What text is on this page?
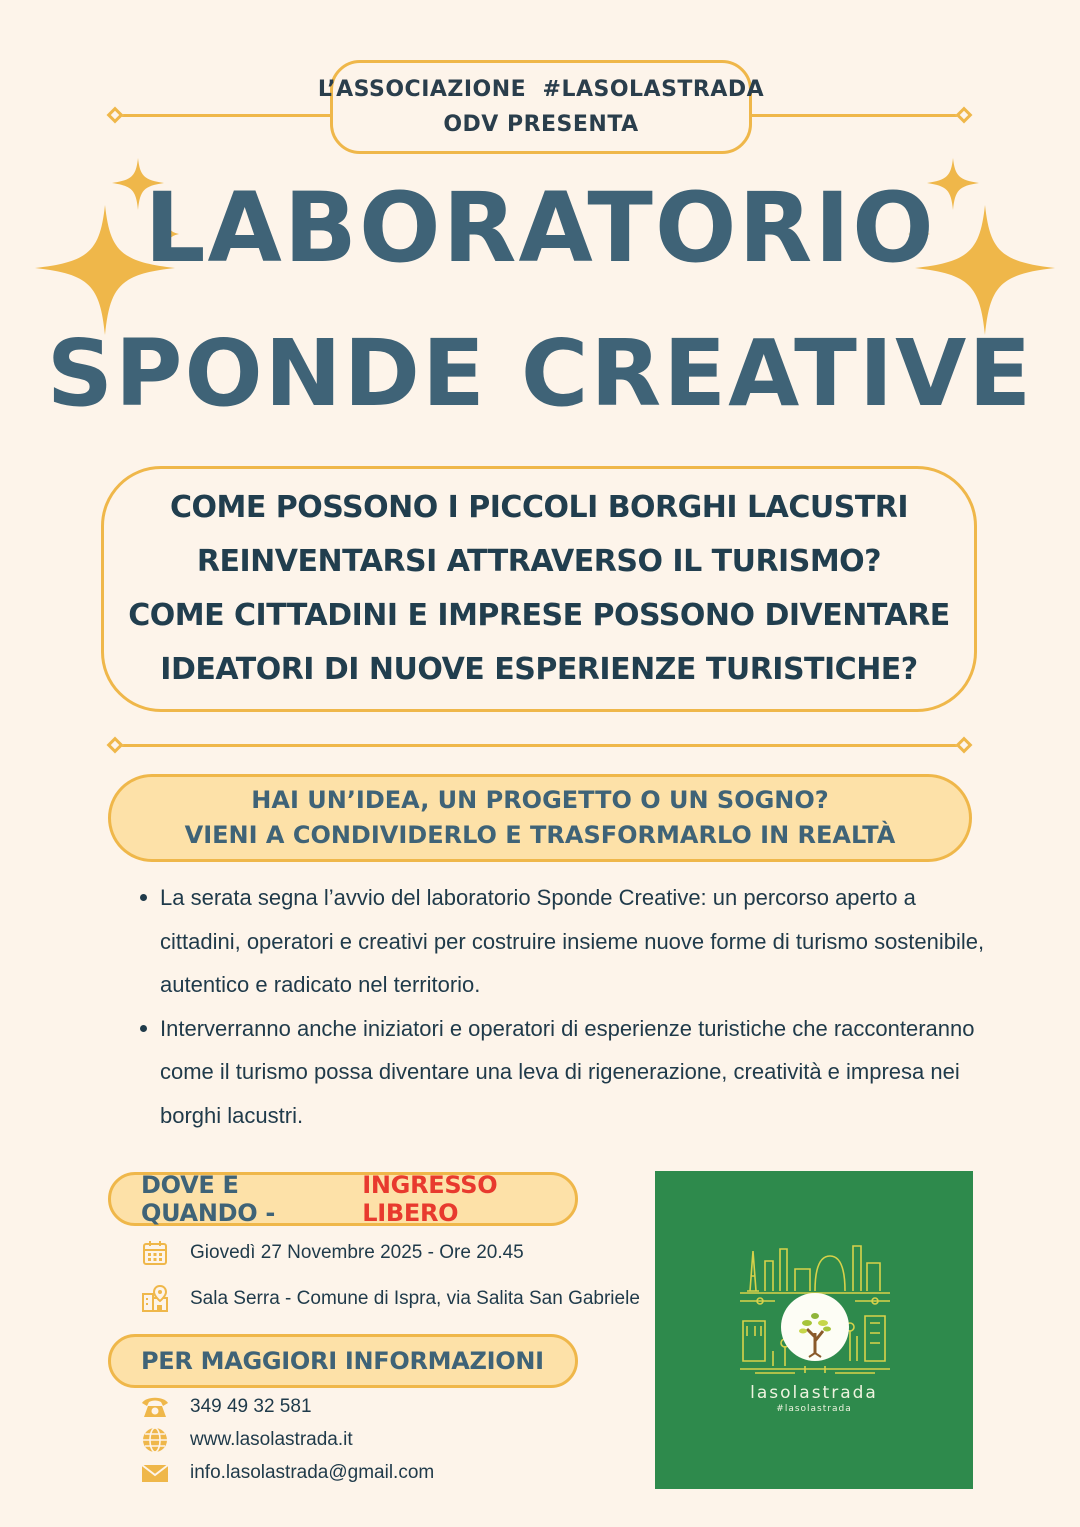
L’ASSOCIAZIONE  #LASOLASTRADA
ODV PRESENTA
LABORATORIO
SPONDE CREATIVE
COME POSSONO I PICCOLI BORGHI LACUSTRI
REINVENTARSI ATTRAVERSO IL TURISMO?
COME CITTADINI E IMPRESE POSSONO DIVENTARE
IDEATORI DI NUOVE ESPERIENZE TURISTICHE?
HAI UN’IDEA, UN PROGETTO O UN SOGNO?
VIENI A CONDIVIDERLO E TRASFORMARLO IN REALTÀ
La serata segna l’avvio del laboratorio Sponde Creative: un percorso aperto a cittadini, operatori e creativi per costruire insieme nuove forme di turismo sostenibile, autentico e radicato nel territorio.
Interverranno anche iniziatori e operatori di esperienze turistiche che racconteranno come il turismo possa diventare una leva di rigenerazione, creatività e impresa nei borghi lacustri.
DOVE E QUANDO -
INGRESSO LIBERO
Giovedì 27 Novembre 2025 - Ore 20.45
Sala Serra - Comune di Ispra, via Salita San Gabriele
PER MAGGIORI INFORMAZIONI
349 49 32 581
www.lasolastrada.it
info.lasolastrada@gmail.com
lasolastrada
#lasolastrada
